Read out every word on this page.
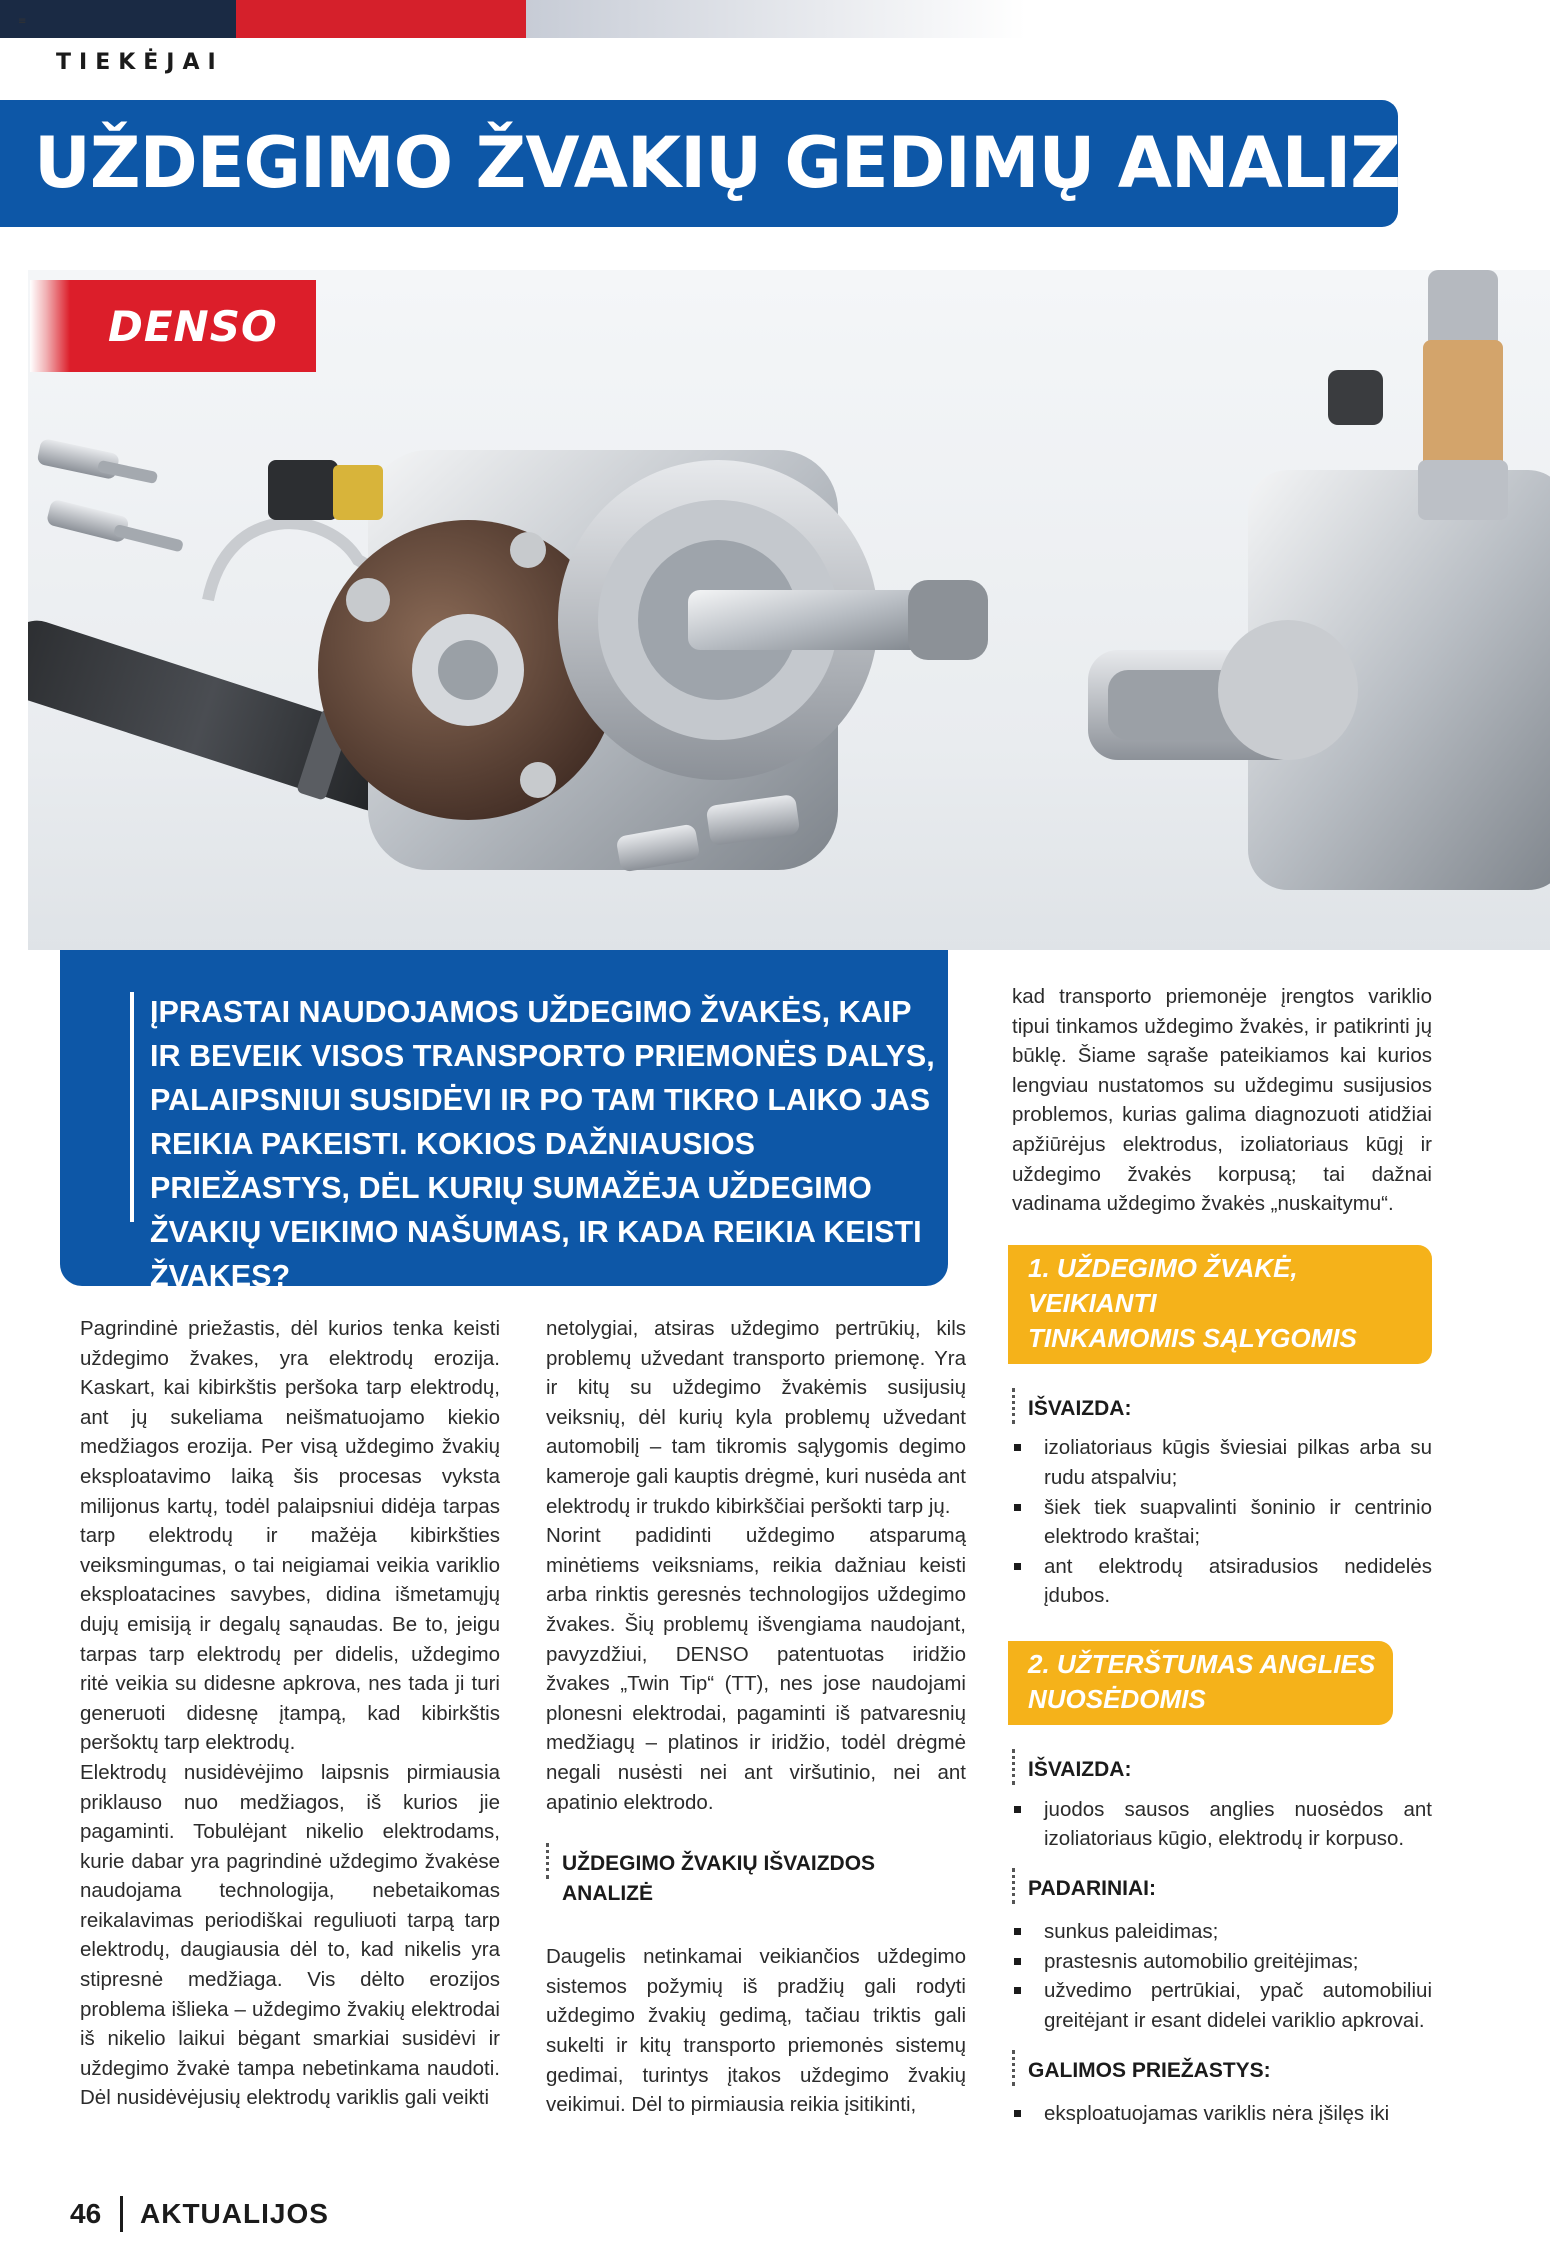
≡
TIEKĖJAI
UŽDEGIMO ŽVAKIŲ GEDIMŲ ANALIZĖ
DENSO

ĮPRASTAI NAUDOJAMOS UŽDEGIMO ŽVAKĖS, KAIP IR BEVEIK VISOS TRANSPORTO PRIEMONĖS DALYS, PALAIPSNIUI SUSIDĖVI IR PO TAM TIKRO LAIKO JAS REIKIA PAKEISTI. KOKIOS DAŽNIAUSIOS PRIEŽASTYS, DĖL KURIŲ SUMAŽĖJA UŽDEGIMO ŽVAKIŲ VEIKIMO NAŠUMAS, IR KADA REIKIA KEISTI ŽVAKES?

Pagrindinė priežastis, dėl kurios tenka keisti uždegimo žvakes, yra elektrodų erozija. Kaskart, kai kibirkštis peršoka tarp elektrodų, ant jų sukeliama neišmatuojamo kiekio medžiagos erozija. Per visą uždegimo žvakių eksploatavimo laiką šis procesas vyksta milijonus kartų, todėl palaipsniui didėja tarpas tarp elektrodų ir mažėja kibirkšties veiksmingumas, o tai neigiamai veikia variklio eksploatacines savybes, didina išmetamųjų dujų emisiją ir degalų sąnaudas. Be to, jeigu tarpas tarp elektrodų per didelis, uždegimo ritė veikia su didesne apkrova, nes tada ji turi generuoti didesnę įtampą, kad kibirkštis peršoktų tarp elektrodų.

Elektrodų nusidėvėjimo laipsnis pirmiausia priklauso nuo medžiagos, iš kurios jie pagaminti. Tobulėjant nikelio elektrodams, kurie dabar yra pagrindinė uždegimo žvakėse naudojama technologija, nebetaikomas reikalavimas periodiškai reguliuoti tarpą tarp elektrodų, daugiausia dėl to, kad nikelis yra stipresnė medžiaga. Vis dėlto erozijos problema išlieka – uždegimo žvakių elektrodai iš nikelio laikui bėgant smarkiai susidėvi ir uždegimo žvakė tampa nebetinkama naudoti. Dėl nusidėvėjusių elektrodų variklis gali veikti

netolygiai, atsiras uždegimo pertrūkių, kils problemų užvedant transporto priemonę. Yra ir kitų su uždegimo žvakėmis susijusių veiksnių, dėl kurių kyla problemų užvedant automobilį – tam tikromis sąlygomis degimo kameroje gali kauptis drėgmė, kuri nusėda ant elektrodų ir trukdo kibirkščiai peršokti tarp jų.

Norint padidinti uždegimo atsparumą minėtiems veiksniams, reikia dažniau keisti arba rinktis geresnės technologijos uždegimo žvakes. Šių problemų išvengiama naudojant, pavyzdžiui, DENSO patentuotas iridžio žvakes „Twin Tip“ (TT), nes jose naudojami plonesni elektrodai, pagaminti iš patvaresnių medžiagų – platinos ir iridžio, todėl drėgmė negali nusėsti nei ant viršutinio, nei ant apatinio elektrodo.

UŽDEGIMO ŽVAKIŲ IŠVAIZDOS ANALIZĖ

Daugelis netinkamai veikiančios uždegimo sistemos požymių iš pradžių gali rodyti uždegimo žvakių gedimą, tačiau triktis gali sukelti ir kitų transporto priemonės sistemų gedimai, turintys įtakos uždegimo žvakių veikimui. Dėl to pirmiausia reikia įsitikinti,

kad transporto priemonėje įrengtos variklio tipui tinkamos uždegimo žvakės, ir patikrinti jų būklę. Šiame sąraše pateikiamos kai kurios lengviau nustatomos su uždegimu susijusios problemos, kurias galima diagnozuoti atidžiai apžiūrėjus elektrodus, izoliatoriaus kūgį ir uždegimo žvakės korpusą; tai dažnai vadinama uždegimo žvakės „nuskaitymu“.

1. UŽDEGIMO ŽVAKĖ, VEIKIANTI
TINKAMOMIS SĄLYGOMIS

IŠVAIZDA:

izoliatoriaus kūgis šviesiai pilkas arba su rudu atspalviu;
šiek tiek suapvalinti šoninio ir centrinio elektrodo kraštai;
ant elektrodų atsiradusios nedidelės įdubos.
2. UŽTERŠTUMAS ANGLIES
NUOSĖDOMIS

IŠVAIZDA:

juodos sausos anglies nuosėdos ant izoliatoriaus kūgio, elektrodų ir korpuso.

PADARINIAI:

sunkus paleidimas;
prastesnis automobilio greitėjimas;
užvedimo pertrūkiai, ypač automobiliui greitėjant ir esant didelei variklio apkrovai.

GALIMOS PRIEŽASTYS:

eksploatuojamas variklis nėra įšilęs iki
46 AKTUALIJOS
